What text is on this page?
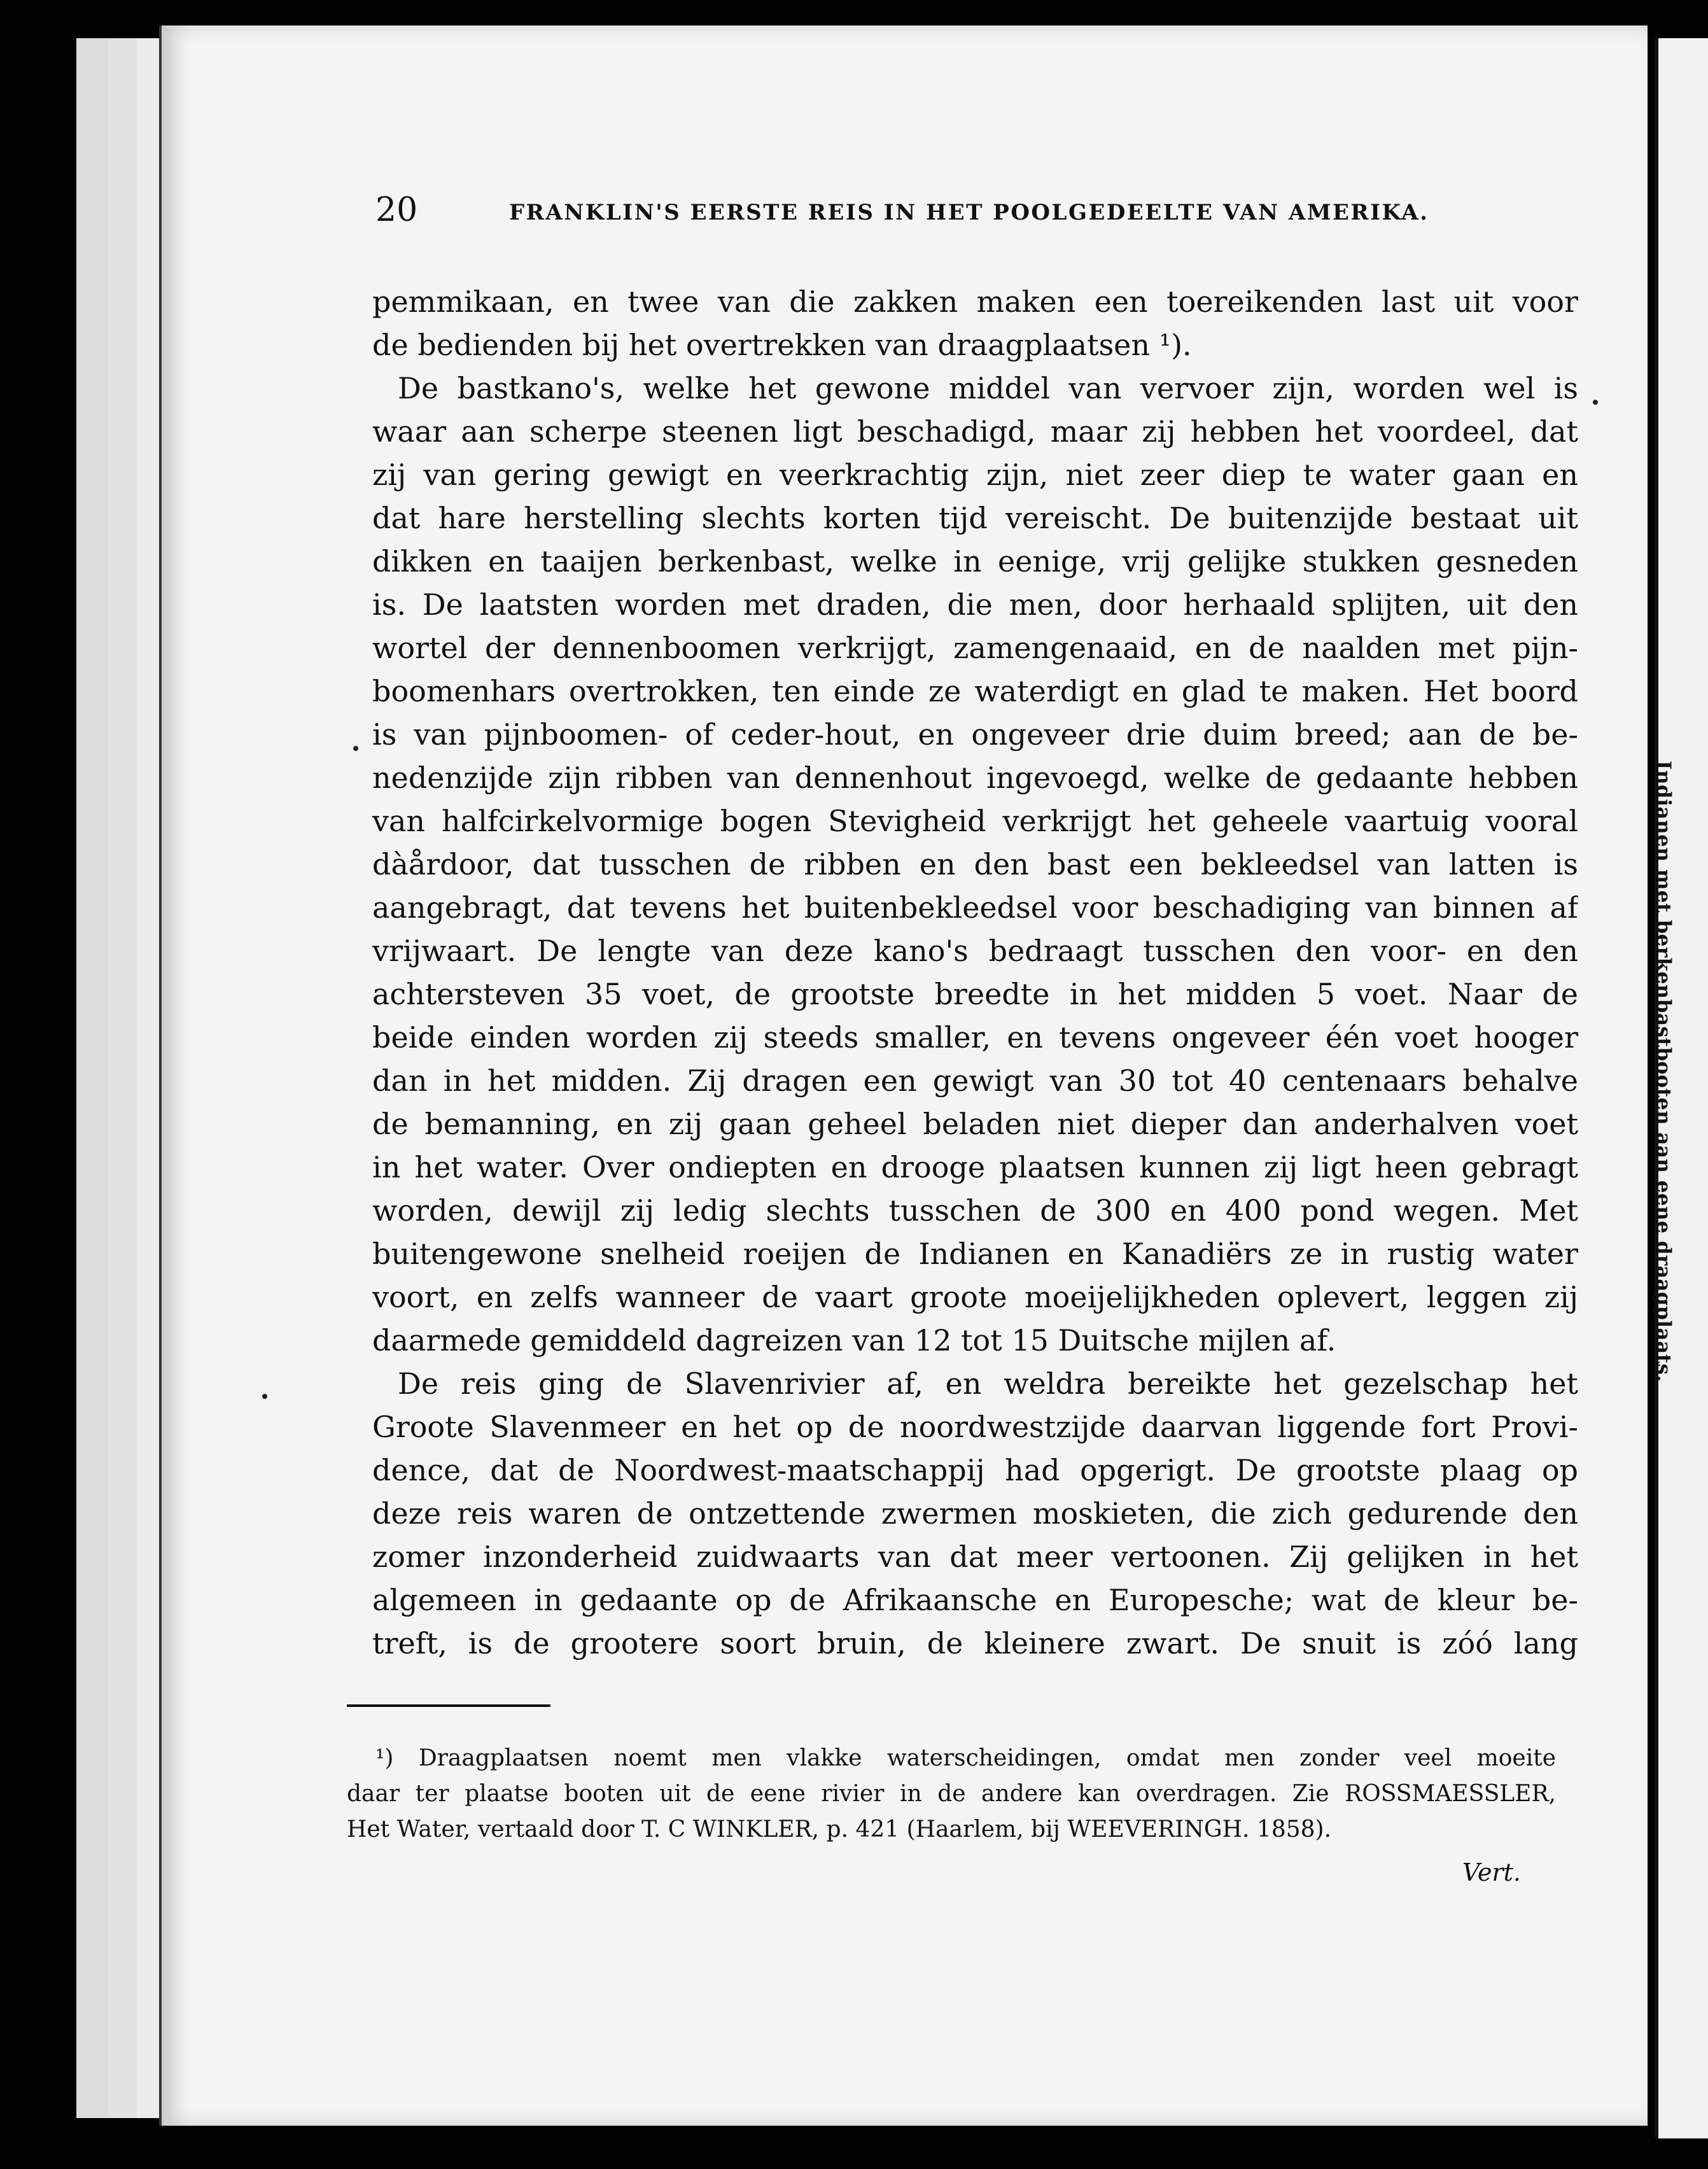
Indianen met berkenbastbooten aan eene draagplaats.
20	FRANKLIN'S EERSTE REIS IN HET POOLGEDEELTE VAN AMERIKA.
pemmikaan, en twee van die zakken maken een toereikenden last uit voor
de bedienden bij het overtrekken van draagplaatsen ¹).
De bastkano's, welke het gewone middel van vervoer zijn, worden wel is
waar aan scherpe steenen ligt beschadigd, maar zij hebben het voordeel, dat
zij van gering gewigt en veerkrachtig zijn, niet zeer diep te water gaan en
dat hare herstelling slechts korten tijd vereischt. De buitenzijde bestaat uit
dikken en taaijen berkenbast, welke in eenige, vrij gelijke stukken gesneden
is. De laatsten worden met draden, die men, door herhaald splijten, uit den
wortel der dennenboomen verkrijgt, zamengenaaid, en de naalden met pijn-
boomenhars overtrokken, ten einde ze waterdigt en glad te maken. Het boord
is van pijnboomen- of ceder-hout, en ongeveer drie duim breed; aan de be-
nedenzijde zijn ribben van dennenhout ingevoegd, welke de gedaante hebben
van halfcirkelvormige bogen Stevigheid verkrijgt het geheele vaartuig vooral
dàårdoor, dat tusschen de ribben en den bast een bekleedsel van latten is
aangebragt, dat tevens het buitenbekleedsel voor beschadiging van binnen af
vrijwaart. De lengte van deze kano's bedraagt tusschen den voor- en den
achtersteven 35 voet, de grootste breedte in het midden 5 voet. Naar de
beide einden worden zij steeds smaller, en tevens ongeveer één voet hooger
dan in het midden. Zij dragen een gewigt van 30 tot 40 centenaars behalve
de bemanning, en zij gaan geheel beladen niet dieper dan anderhalven voet
in het water. Over ondiepten en drooge plaatsen kunnen zij ligt heen gebragt
worden, dewijl zij ledig slechts tusschen de 300 en 400 pond wegen. Met
buitengewone snelheid roeijen de Indianen en Kanadiërs ze in rustig water
voort, en zelfs wanneer de vaart groote moeijelijkheden oplevert, leggen zij
daarmede gemiddeld dagreizen van 12 tot 15 Duitsche mijlen af.
De reis ging de Slavenrivier af, en weldra bereikte het gezelschap het
Groote Slavenmeer en het op de noordwestzijde daarvan liggende fort Provi-
dence, dat de Noordwest-maatschappij had opgerigt. De grootste plaag op
deze reis waren de ontzettende zwermen moskieten, die zich gedurende den
zomer inzonderheid zuidwaarts van dat meer vertoonen. Zij gelijken in het
algemeen in gedaante op de Afrikaansche en Europesche; wat de kleur be-
treft, is de grootere soort bruin, de kleinere zwart. De snuit is zóó lang
¹) Draagplaatsen noemt men vlakke waterscheidingen, omdat men zonder veel moeite
daar ter plaatse booten uit de eene rivier in de andere kan overdragen. Zie ROSSMAESSLER,
Het Water, vertaald door T. C WINKLER, p. 421 (Haarlem, bij WEEVERINGH. 1858).
Vert.
